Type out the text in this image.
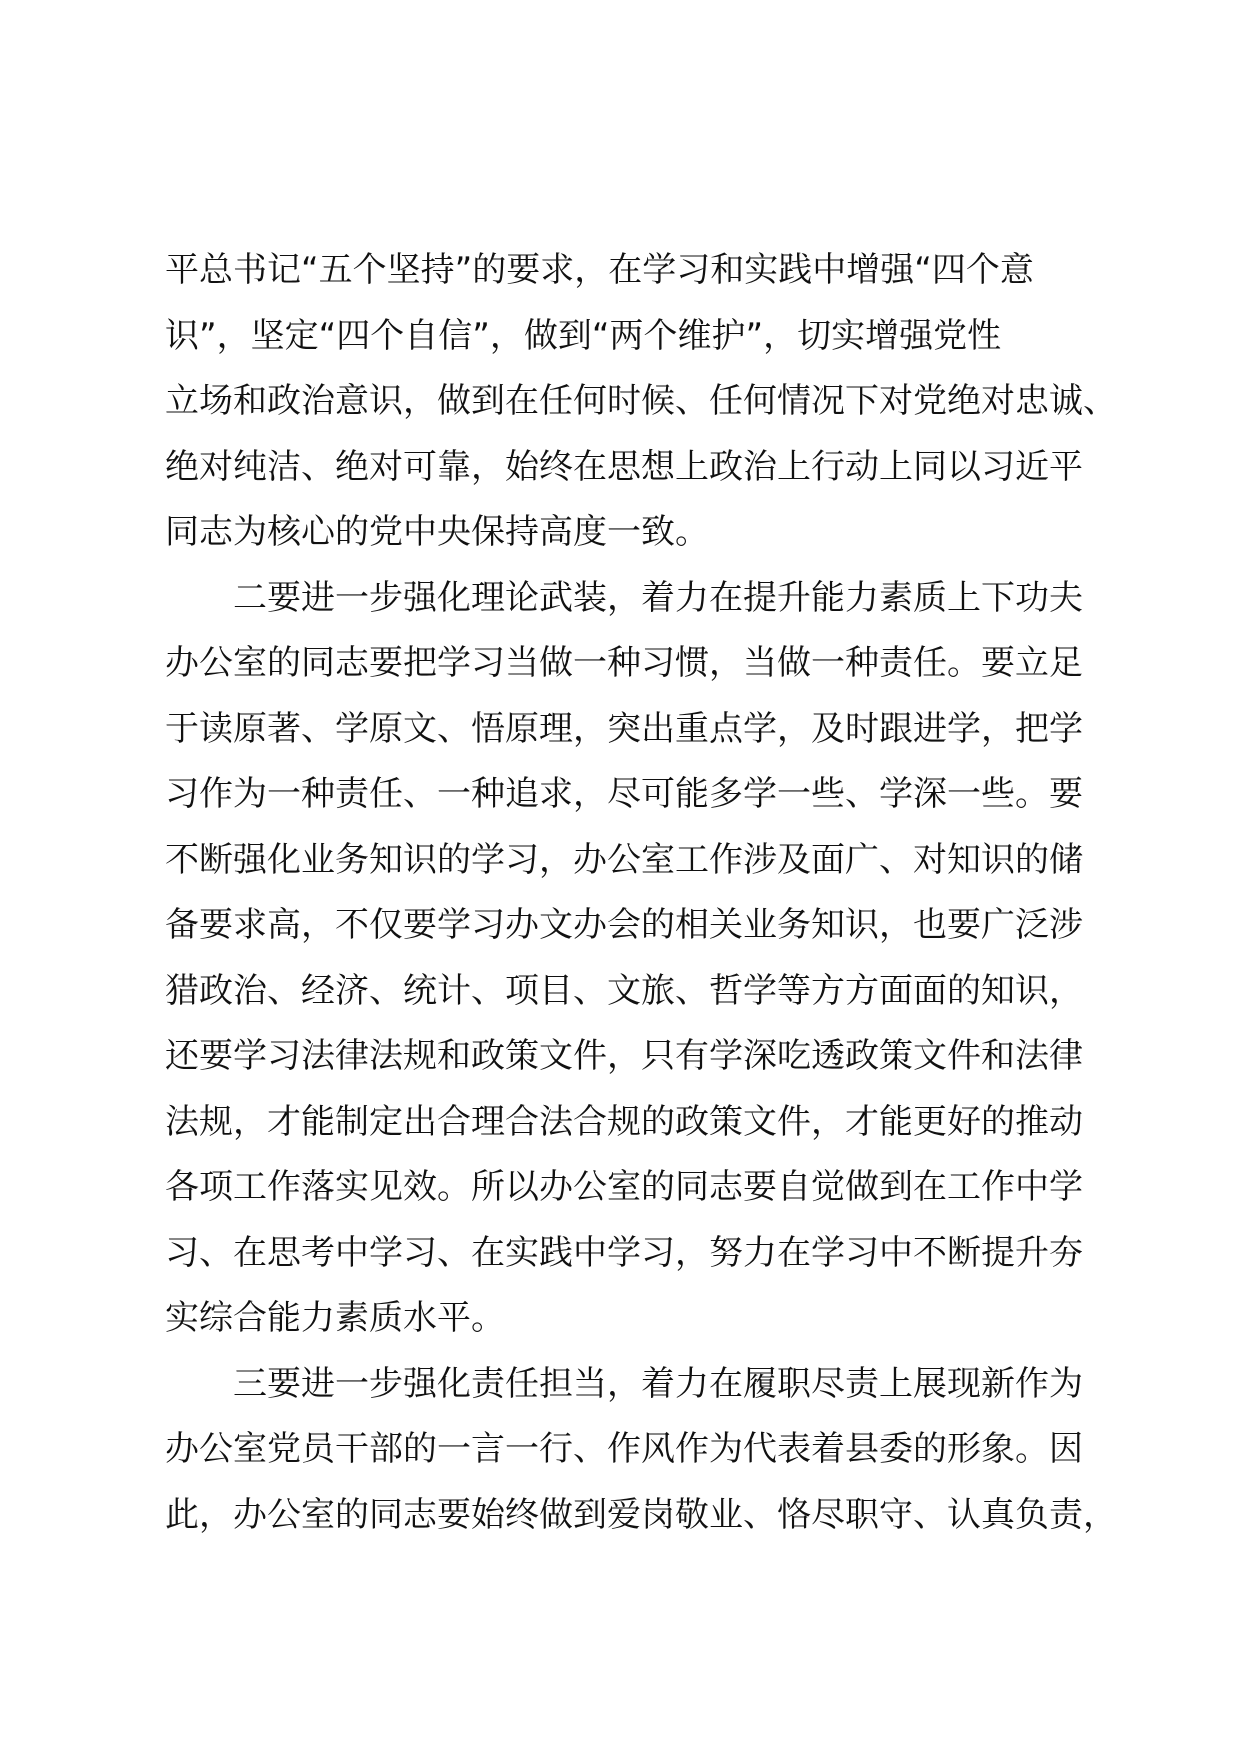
平总书记“五个坚持”的要求，在学习和实践中增强“四个意

识”，坚定“四个自信”，做到“两个维护”，切实增强党性

立场和政治意识，做到在任何时候、任何情况下对党绝对忠诚、

绝对纯洁、绝对可靠，始终在思想上政治上行动上同以习近平

同志为核心的党中央保持高度一致。

　　二要进一步强化理论武装，着力在提升能力素质上下功夫

办公室的同志要把学习当做一种习惯，当做一种责任。要立足

于读原著、学原文、悟原理，突出重点学，及时跟进学，把学

习作为一种责任、一种追求，尽可能多学一些、学深一些。要

不断强化业务知识的学习，办公室工作涉及面广、对知识的储

备要求高，不仅要学习办文办会的相关业务知识，也要广泛涉

猎政治、经济、统计、项目、文旅、哲学等方方面面的知识，

还要学习法律法规和政策文件，只有学深吃透政策文件和法律

法规，才能制定出合理合法合规的政策文件，才能更好的推动

各项工作落实见效。所以办公室的同志要自觉做到在工作中学

习、在思考中学习、在实践中学习，努力在学习中不断提升夯

实综合能力素质水平。

　　三要进一步强化责任担当，着力在履职尽责上展现新作为

办公室党员干部的一言一行、作风作为代表着县委的形象。因

此，办公室的同志要始终做到爱岗敬业、恪尽职守、认真负责，
